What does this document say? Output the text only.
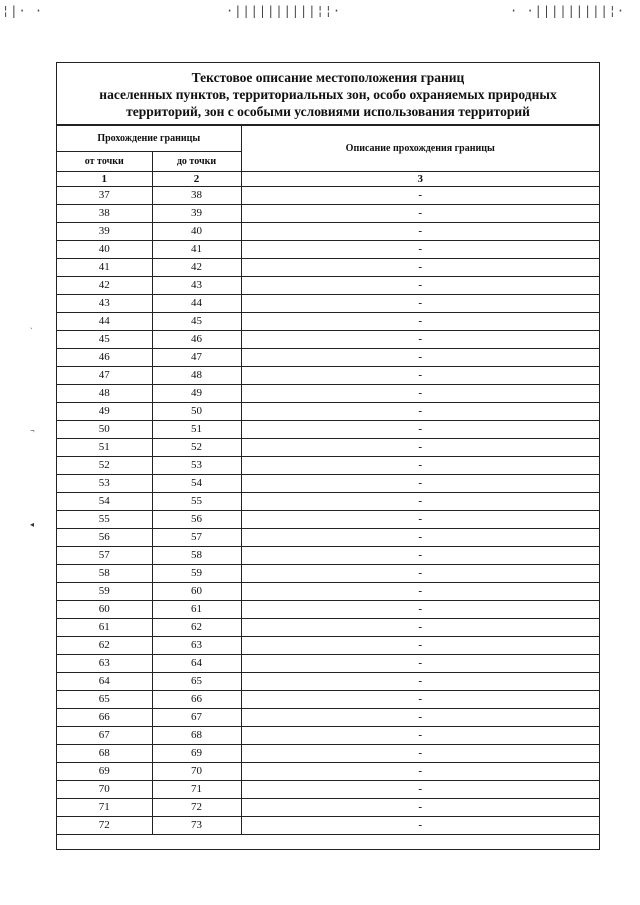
¦|· ·	·||||||||||¦¦·	· ·|||||||||¦·
ˎ
¬
◂
Текстовое описание местоположения границ
населенных пунктов, территориальных зон, особо охраняемых природных
территорий, зон с особыми условиями использования территорий
Прохождение границы		Описание прохождения границы
от точки	до точки	
1	2	3
37	38	-
38	39	-
39	40	-
40	41	-
41	42	-
42	43	-
43	44	-
44	45	-
45	46	-
46	47	-
47	48	-
48	49	-
49	50	-
50	51	-
51	52	-
52	53	-
53	54	-
54	55	-
55	56	-
56	57	-
57	58	-
58	59	-
59	60	-
60	61	-
61	62	-
62	63	-
63	64	-
64	65	-
65	66	-
66	67	-
67	68	-
68	69	-
69	70	-
70	71	-
71	72	-
72	73	-
